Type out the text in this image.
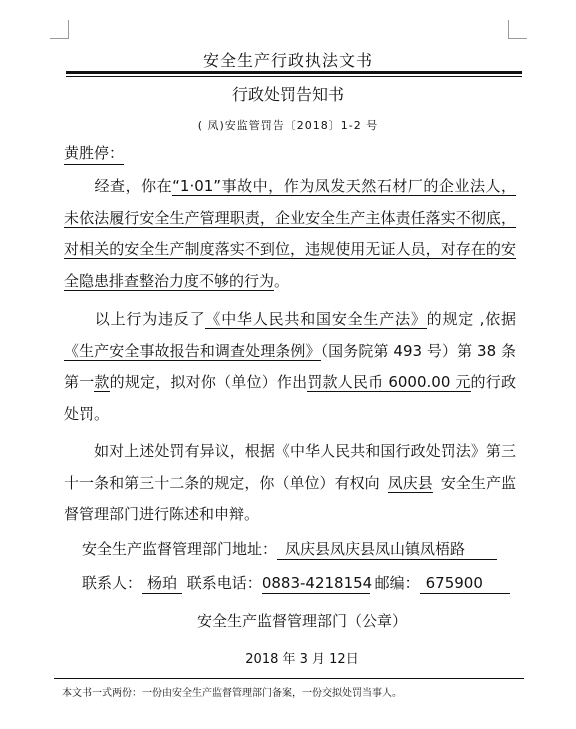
安全生产行政执法文书
行政处罚告知书
( 凤)安监管罚告〔2018〕1-2 号
黄胜停：
经查，你在“1·01”事故中，作为凤发天然石材厂的企业法人，未依法履行安全生产管理职责，企业安全生产主体责任落实不彻底，对相关的安全生产制度落实不到位，违规使用无证人员，对存在的安全隐患排查整治力度不够的行为。
以上行为违反了《中华人民共和国安全生产法》的规定 ,依据《生产安全事故报告和调查处理条例》（国务院第 493 号）第 38 条第一款的规定，拟对你（单位）作出罚款人民币 6000.00 元的行政 处罚。
如对上述处罚有异议，根据《中华人民共和国行政处罚法》第三十一条和第三十二条的规定，你（单位）有权向 凤庆县 安全生产监督管理部门进行陈述和申辩。
安全生产监督管理部门地址： 凤庆县凤庆县凤山镇凤梧路
联系人： 杨珀 联系电话：0883-4218154 邮编： 675900
安全生产监督管理部门（公章）
2018 年 3 月 12日
本文书一式两份：一份由安全生产监督管理部门备案，一份交拟处罚当事人。
